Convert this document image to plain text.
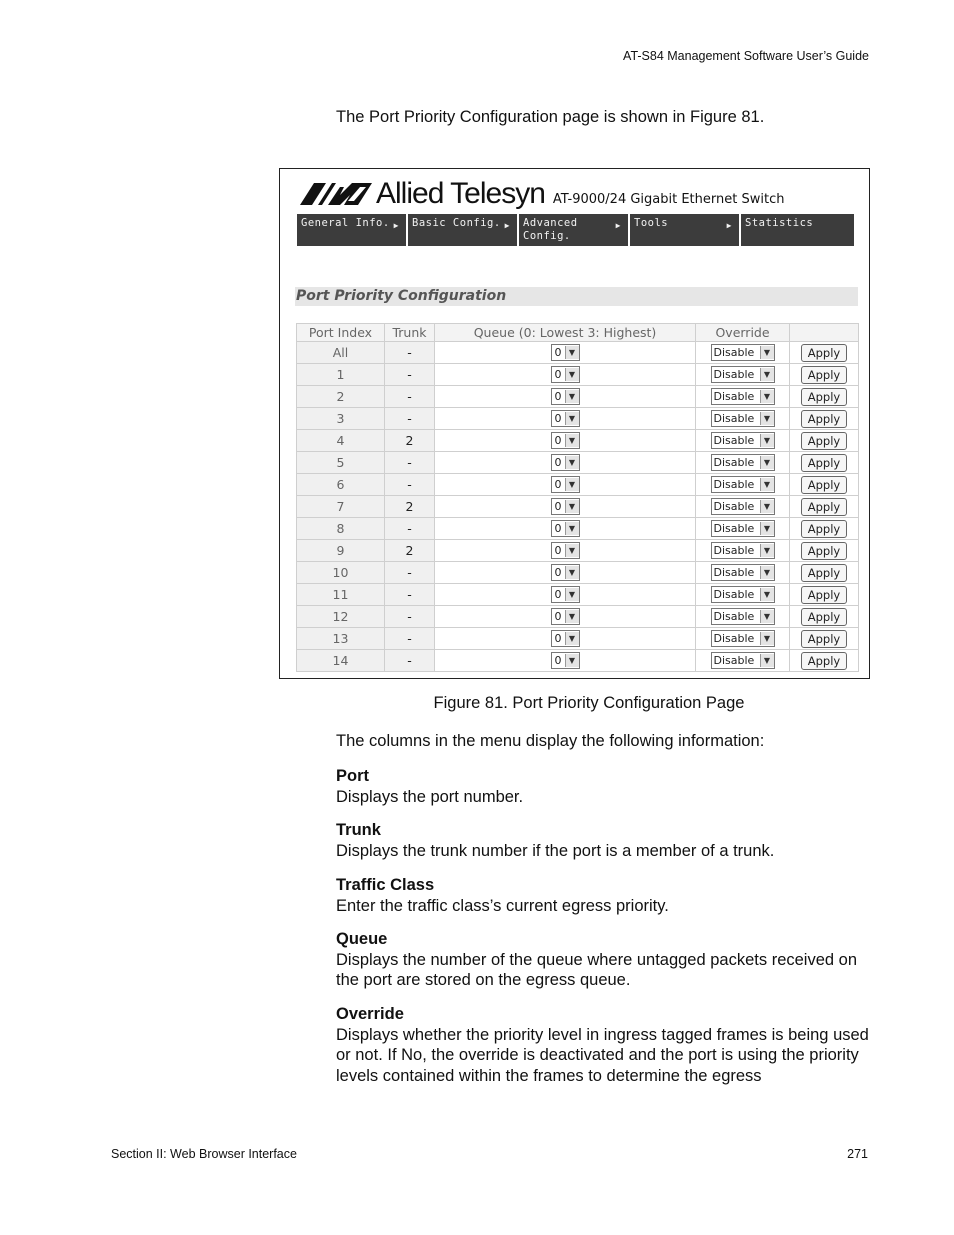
AT-S84 Management Software User’s Guide
The Port Priority Configuration page is shown in Figure 81.
Allied Telesyn AT-9000/24 Gigabit Ethernet Switch
General Info. ▶	Basic Config. ▶	Advanced Config.
▶	Tools	▶	Statistics
Port Priority Configuration
Port Index	Trunk	Queue (0: Lowest 3: Highest)	Override	
All	-	0 ▼	Disable ▼	Apply
1	-	0 ▼	Disable ▼	Apply
2	-	0 ▼	Disable ▼	Apply
3	-	0 ▼	Disable ▼	Apply
4	2	0 ▼	Disable ▼	Apply
5	-	0 ▼	Disable ▼	Apply
6	-	0 ▼	Disable ▼	Apply
7	2	0 ▼	Disable ▼	Apply
8	-	0 ▼	Disable ▼	Apply
9	2	0 ▼	Disable ▼	Apply
10	-	0 ▼	Disable ▼	Apply
11	-	0 ▼	Disable ▼	Apply
12	-	0 ▼	Disable ▼	Apply
13	-	0 ▼	Disable ▼	Apply
14	-	0 ▼	Disable ▼	Apply
Figure 81. Port Priority Configuration Page
The columns in the menu display the following information:
Port
Displays the port number.
Trunk
Displays the trunk number if the port is a member of a trunk.
Traffic Class
Enter the traffic class’s current egress priority.
Queue
Displays the number of the queue where untagged packets received on the port are stored on the egress queue.
Override
Displays whether the priority level in ingress tagged frames is being used or not. If No, the override is deactivated and the port is using the priority levels contained within the frames to determine the egress
Section II: Web Browser Interface	271
